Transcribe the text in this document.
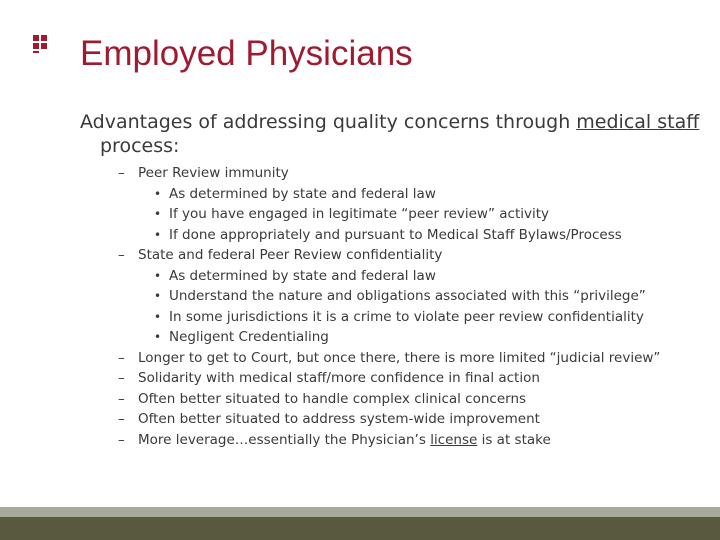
Employed Physicians

Advantages of addressing quality concerns through medical staff process:

– Peer Review immunity
• As determined by state and federal law
• If you have engaged in legitimate “peer review” activity
• If done appropriately and pursuant to Medical Staff Bylaws/Process
– State and federal Peer Review confidentiality
• As determined by state and federal law
• Understand the nature and obligations associated with this “privilege”
• In some jurisdictions it is a crime to violate peer review confidentiality
• Negligent Credentialing
– Longer to get to Court, but once there, there is more limited “judicial review”
– Solidarity with medical staff/more confidence in final action
– Often better situated to handle complex clinical concerns
– Often better situated to address system-wide improvement
– More leverage…essentially the Physician’s license is at stake
